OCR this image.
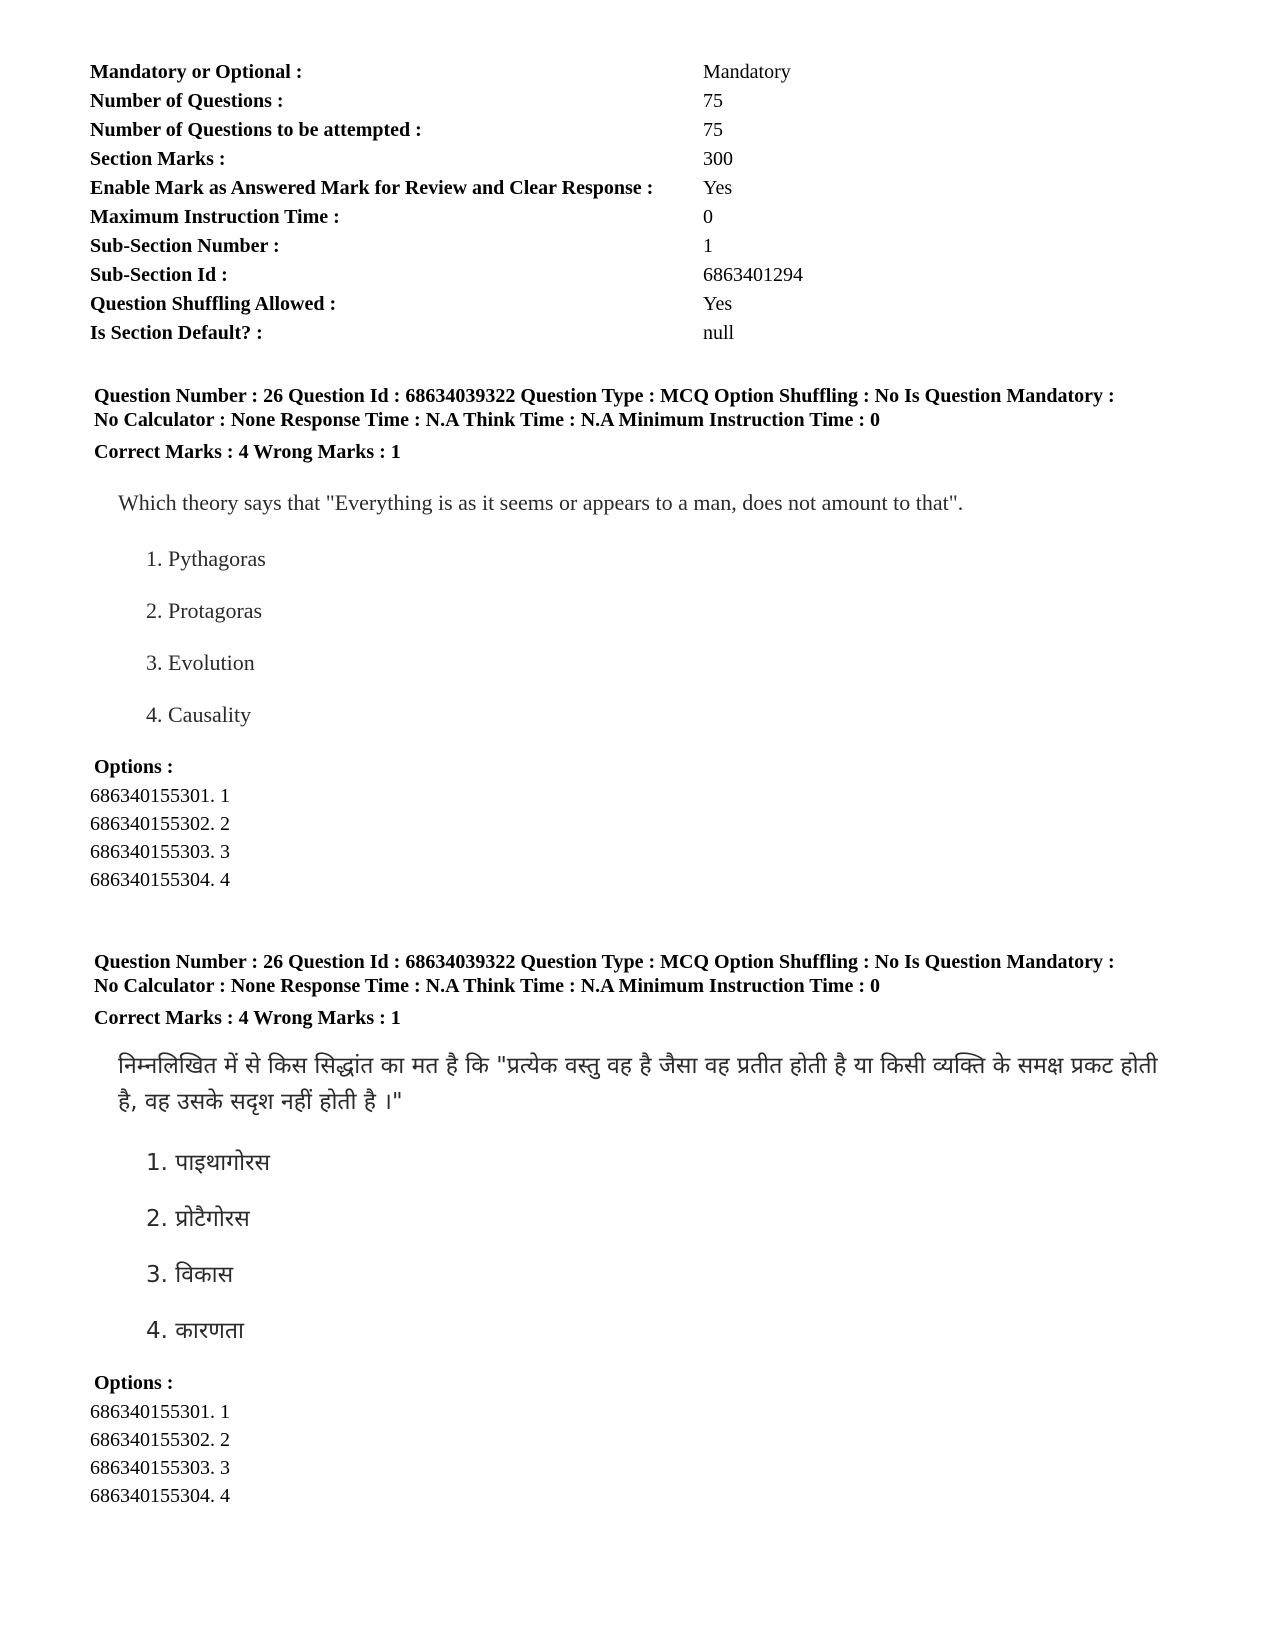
Mandatory or Optional :	Mandatory
Number of Questions :	75
Number of Questions to be attempted :	75
Section Marks :	300
Enable Mark as Answered Mark for Review and Clear Response :	Yes
Maximum Instruction Time :	0
Sub-Section Number :	1
Sub-Section Id :	6863401294
Question Shuffling Allowed :	Yes
Is Section Default? :	null

Question Number : 26 Question Id : 68634039322 Question Type : MCQ Option Shuffling : No Is Question Mandatory :

No Calculator : None Response Time : N.A Think Time : N.A Minimum Instruction Time : 0

Correct Marks : 4 Wrong Marks : 1

Which theory says that "Everything is as it seems or appears to a man, does not amount to that".

1. Pythagoras
2. Protagoras
3. Evolution
4. Causality

Options :

686340155301. 1
686340155302. 2
686340155303. 3
686340155304. 4

Question Number : 26 Question Id : 68634039322 Question Type : MCQ Option Shuffling : No Is Question Mandatory :

No Calculator : None Response Time : N.A Think Time : N.A Minimum Instruction Time : 0

Correct Marks : 4 Wrong Marks : 1

निम्नलिखित में से किस सिद्धांत का मत है कि "प्रत्येक वस्तु वह है जैसा वह प्रतीत होती है या किसी व्यक्ति के समक्ष प्रकट होती है, वह उसके सदृश नहीं होती है ।"

1. पाइथागोरस
2. प्रोटैगोरस
3. विकास
4. कारणता

Options :

686340155301. 1
686340155302. 2
686340155303. 3
686340155304. 4
